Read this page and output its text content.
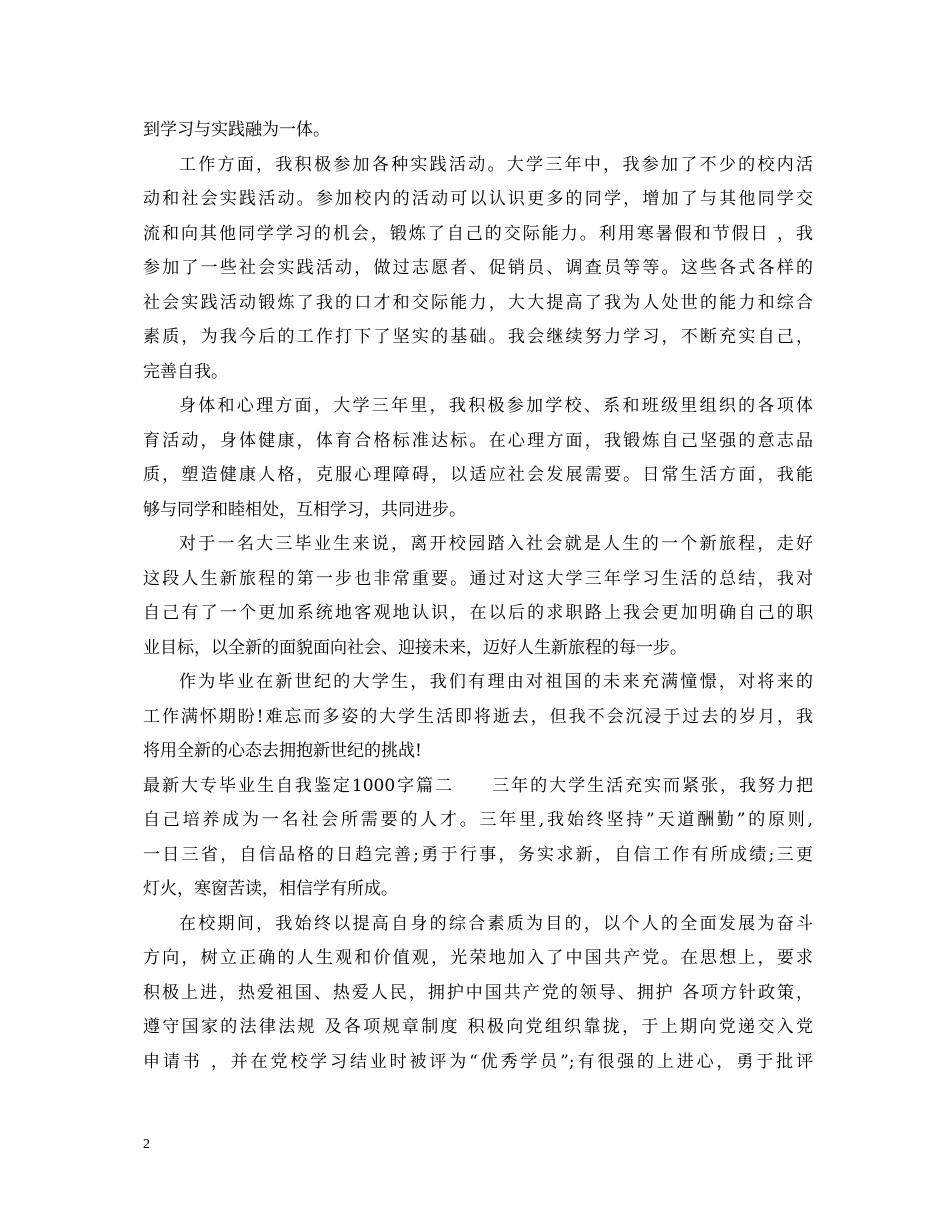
到学习与实践融为一体。
工作方面，我积极参加各种实践活动。大学三年中，我参加了不少的校内活
动和社会实践活动。参加校内的活动可以认识更多的同学，增加了与其他同学交
流和向其他同学学习的机会，锻炼了自己的交际能力。利用寒暑假和节假日 ，我
参加了一些社会实践活动，做过志愿者、促销员、调查员等等。这些各式各样的
社会实践活动锻炼了我的口才和交际能力，大大提高了我为人处世的能力和综合
素质，为我今后的工作打下了坚实的基础。我会继续努力学习，不断充实自己，
完善自我。
身体和心理方面，大学三年里，我积极参加学校、系和班级里组织的各项体
育活动，身体健康，体育合格标准达标。在心理方面，我锻炼自己坚强的意志品
质，塑造健康人格，克服心理障碍，以适应社会发展需要。日常生活方面，我能
够与同学和睦相处，互相学习，共同进步。
对于一名大三毕业生来说，离开校园踏入社会就是人生的一个新旅程，走好
这段人生新旅程的第一步也非常重要。通过对这大学三年学习生活的总结，我对
自己有了一个更加系统地客观地认识，在以后的求职路上我会更加明确自己的职
业目标，以全新的面貌面向社会、迎接未来，迈好人生新旅程的每一步。
作为毕业在新世纪的大学生，我们有理由对祖国的未来充满憧憬，对将来的
工作满怀期盼!难忘而多姿的大学生活即将逝去，但我不会沉浸于过去的岁月，我
将用全新的心态去拥抱新世纪的挑战!
最新大专毕业生自我鉴定1000字篇二　　三年的大学生活充实而紧张，我努力把
自己培养成为一名社会所需要的人才。三年里,我始终坚持”天道酬勤”的原则,
一日三省，自信品格的日趋完善;勇于行事，务实求新，自信工作有所成绩;三更
灯火，寒窗苦读，相信学有所成。
在校期间，我始终以提高自身的综合素质为目的，以个人的全面发展为奋斗
方向，树立正确的人生观和价值观，光荣地加入了中国共产党。在思想上，要求
积极上进，热爱祖国、热爱人民，拥护中国共产党的领导、拥护 各项方针政策，
遵守国家的法律法规 及各项规章制度 积极向党组织靠拢，于上期向党递交入党
申请书 ，并在党校学习结业时被评为“优秀学员”;有很强的上进心，勇于批评
2
